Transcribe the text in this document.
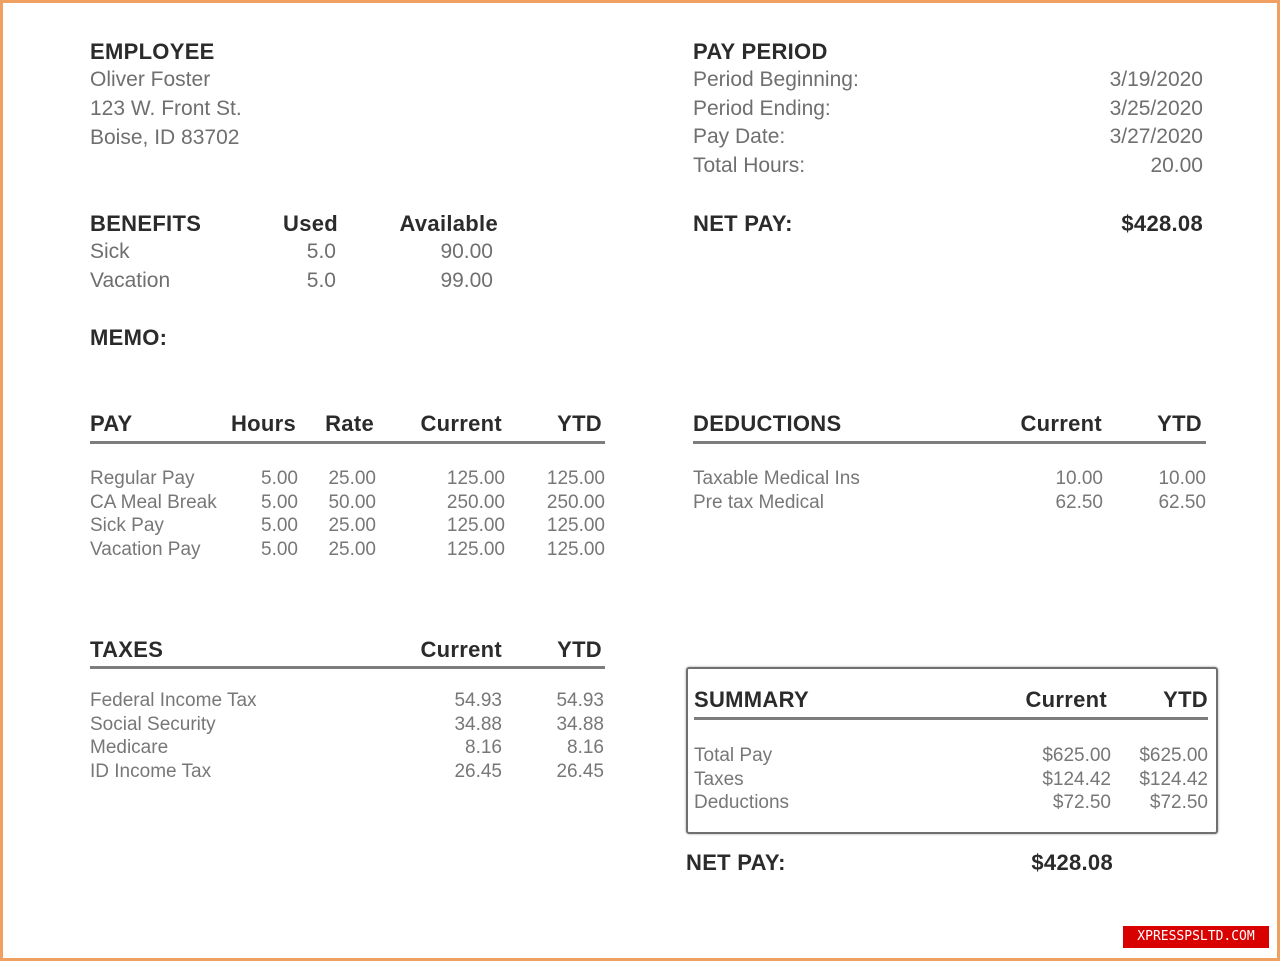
EMPLOYEE
Oliver Foster
123 W. Front St.
Boise, ID 83702
PAY PERIOD
Period Beginning:	3/19/2020
Period Ending:	3/25/2020
Pay Date:	3/27/2020
Total Hours:	20.00
NET PAY:	$428.08
BENEFITS	Used	Available
Sick	5.0	90.00
Vacation	5.0	99.00
MEMO:
PAY	Hours	Rate	Current	YTD
Regular Pay	5.00	25.00	125.00	125.00
CA Meal Break	5.00	50.00	250.00	250.00
Sick Pay	5.00	25.00	125.00	125.00
Vacation Pay	5.00	25.00	125.00	125.00
DEDUCTIONS	Current	YTD
Taxable Medical Ins	10.00	10.00
Pre tax Medical	62.50	62.50
TAXES	Current	YTD
Federal Income Tax	54.93	54.93
Social Security	34.88	34.88
Medicare	8.16	8.16
ID Income Tax	26.45	26.45
SUMMARY	Current	YTD
Total Pay	$625.00	$625.00
Taxes	$124.42	$124.42
Deductions	$72.50	$72.50
NET PAY:	$428.08
XPRESSPSLTD.COM
